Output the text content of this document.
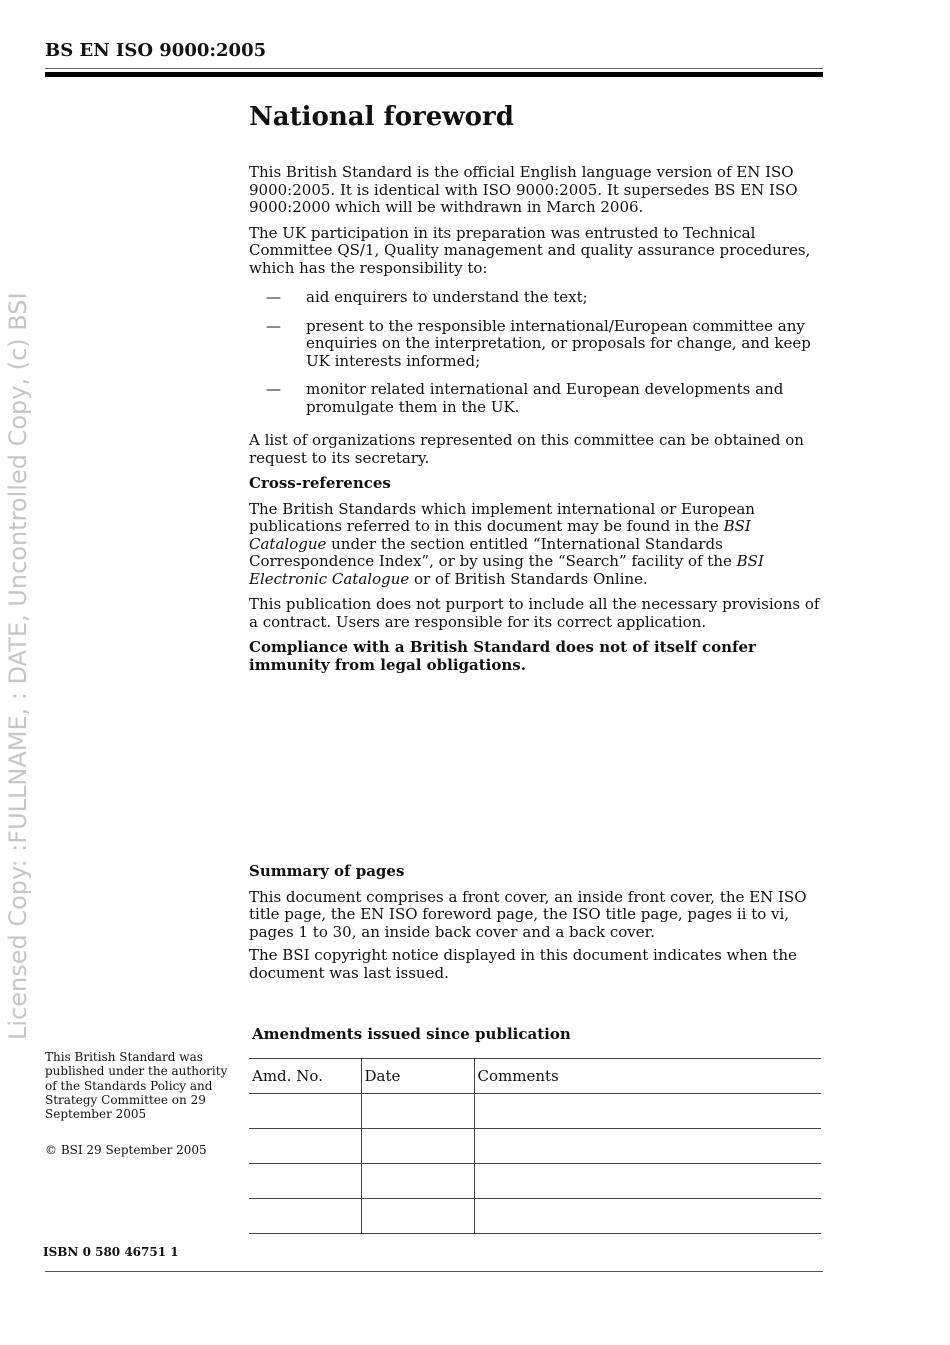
BS EN ISO 9000:2005
Licensed Copy: :FULLNAME, : DATE, Uncontrolled Copy, (c) BSI
National foreword

This British Standard is the official English language version of EN ISO 9000:2005. It is identical with ISO 9000:2005. It supersedes BS EN ISO 9000:2000 which will be withdrawn in March 2006.

The UK participation in its preparation was entrusted to Technical Committee QS/1, Quality management and quality assurance procedures, which has the responsibility to:

— aid enquirers to understand the text;
— present to the responsible international/European committee any enquiries on the interpretation, or proposals for change, and keep UK interests informed;
— monitor related international and European developments and promulgate them in the UK.

A list of organizations represented on this committee can be obtained on request to its secretary.

Cross-references

The British Standards which implement international or European publications referred to in this document may be found in the BSI Catalogue under the section entitled “International Standards Correspondence Index”, or by using the “Search” facility of the BSI Electronic Catalogue or of British Standards Online.

This publication does not purport to include all the necessary provisions of a contract. Users are responsible for its correct application.

Compliance with a British Standard does not of itself confer immunity from legal obligations.

Summary of pages

This document comprises a front cover, an inside front cover, the EN ISO title page, the EN ISO foreword page, the ISO title page, pages ii to vi, pages 1 to 30, an inside back cover and a back cover.

The BSI copyright notice displayed in this document indicates when the document was last issued.

This British Standard was published under the authority of the Standards Policy and Strategy Committee on 29 September 2005
© BSI 29 September 2005
ISBN 0 580 46751 1
Amendments issued since publication
Amd. No.	Date	Comments
